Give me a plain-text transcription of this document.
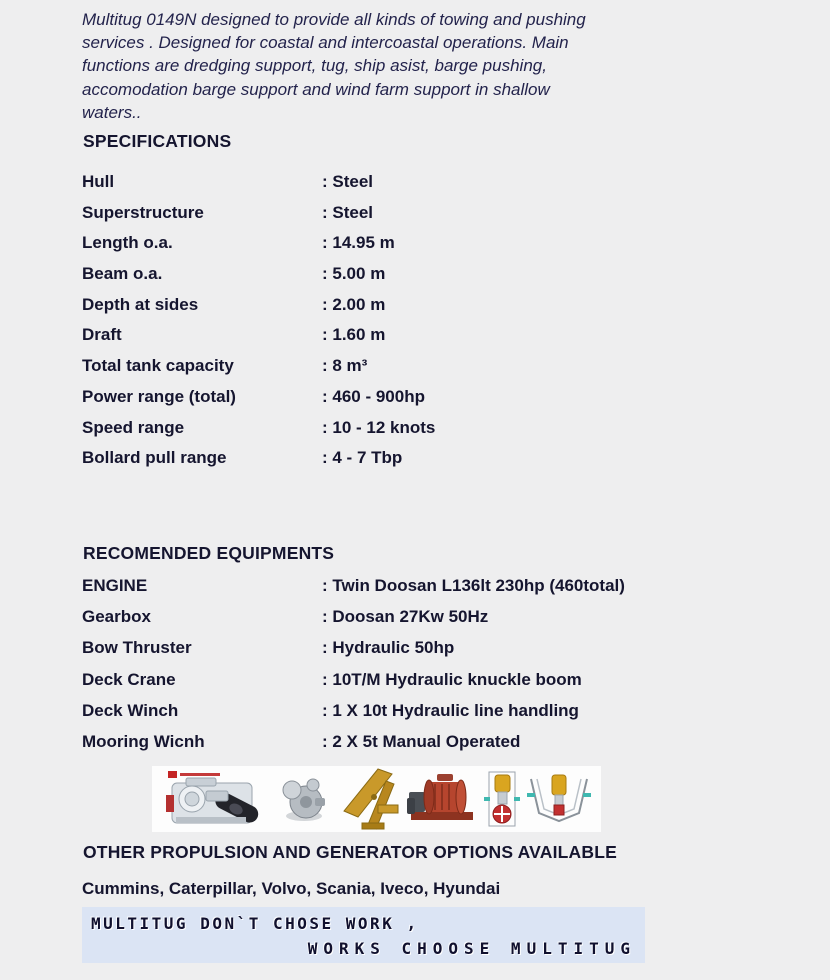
Multitug 0149N designed to provide all kinds of towing and pushing
services . Designed for coastal and intercoastal operations. Main
functions are dredging support, tug, ship asist, barge pushing,
accomodation barge support and wind farm support in shallow
waters..
SPECIFICATIONS
Hull	: Steel
Superstructure	: Steel
Length o.a.	: 14.95 m
Beam o.a.	: 5.00 m
Depth at sides	: 2.00 m
Draft	: 1.60 m
Total tank capacity	: 8 m³
Power range (total)	: 460 - 900hp
Speed range	: 10 - 12 knots
Bollard pull range	: 4 - 7 Tbp
RECOMENDED EQUIPMENTS
ENGINE	: Twin Doosan L136lt 230hp (460total)
Gearbox	: Doosan 27Kw 50Hz
Bow Thruster	: Hydraulic 50hp
Deck Crane	: 10T/M Hydraulic knuckle boom
Deck Winch	: 1 X 10t Hydraulic line handling
Mooring Wicnh	: 2 X 5t Manual Operated
OTHER PROPULSION AND GENERATOR OPTIONS AVAILABLE
Cummins, Caterpillar, Volvo, Scania, Iveco, Hyundai
MULTITUG DON`T CHOSE WORK ,
WORKS CHOOSE MULTITUG
